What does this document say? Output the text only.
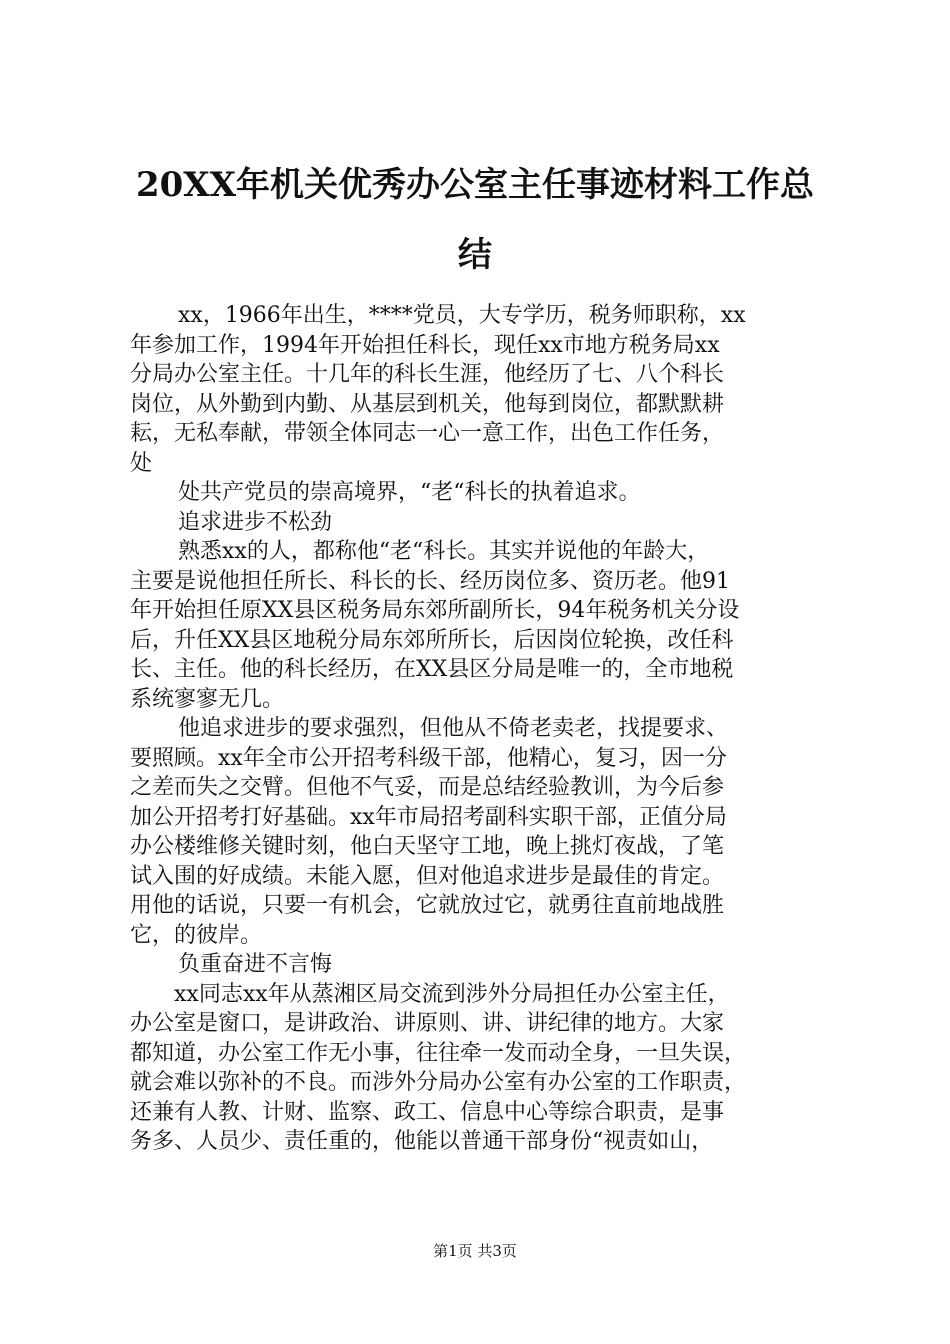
20XX年机关优秀办公室主任事迹材料工作总
结
xx，1966年出生，****党员，大专学历，税务师职称，xx
年参加工作，1994年开始担任科长，现任xx市地方税务局xx
分局办公室主任。十几年的科长生涯，他经历了七、八个科长
岗位，从外勤到内勤、从基层到机关，他每到岗位，都默默耕
耘，无私奉献，带领全体同志一心一意工作，出色工作任务，
处
处共产党员的崇高境界，“老“科长的执着追求。
追求进步不松劲
熟悉xx的人，都称他“老“科长。其实并说他的年龄大，
主要是说他担任所长、科长的长、经历岗位多、资历老。他91
年开始担任原XX县区税务局东郊所副所长，94年税务机关分设
后，升任XX县区地税分局东郊所所长，后因岗位轮换，改任科
长、主任。他的科长经历，在XX县区分局是唯一的，全市地税
系统寥寥无几。
他追求进步的要求强烈，但他从不倚老卖老，找提要求、
要照顾。xx年全市公开招考科级干部，他精心，复习，因一分
之差而失之交臂。但他不气妥，而是总结经验教训，为今后参
加公开招考打好基础。xx年市局招考副科实职干部，正值分局
办公楼维修关键时刻，他白天坚守工地，晚上挑灯夜战，了笔
试入围的好成绩。未能入愿，但对他追求进步是最佳的肯定。
用他的话说，只要一有机会，它就放过它，就勇往直前地战胜
它，的彼岸。
负重奋进不言悔
xx同志xx年从蒸湘区局交流到涉外分局担任办公室主任，
办公室是窗口，是讲政治、讲原则、讲、讲纪律的地方。大家
都知道，办公室工作无小事，往往牵一发而动全身，一旦失误，
就会难以弥补的不良。而涉外分局办公室有办公室的工作职责，
还兼有人教、计财、监察、政工、信息中心等综合职责，是事
务多、人员少、责任重的，他能以普通干部身份“视责如山，
第1页 共3页
